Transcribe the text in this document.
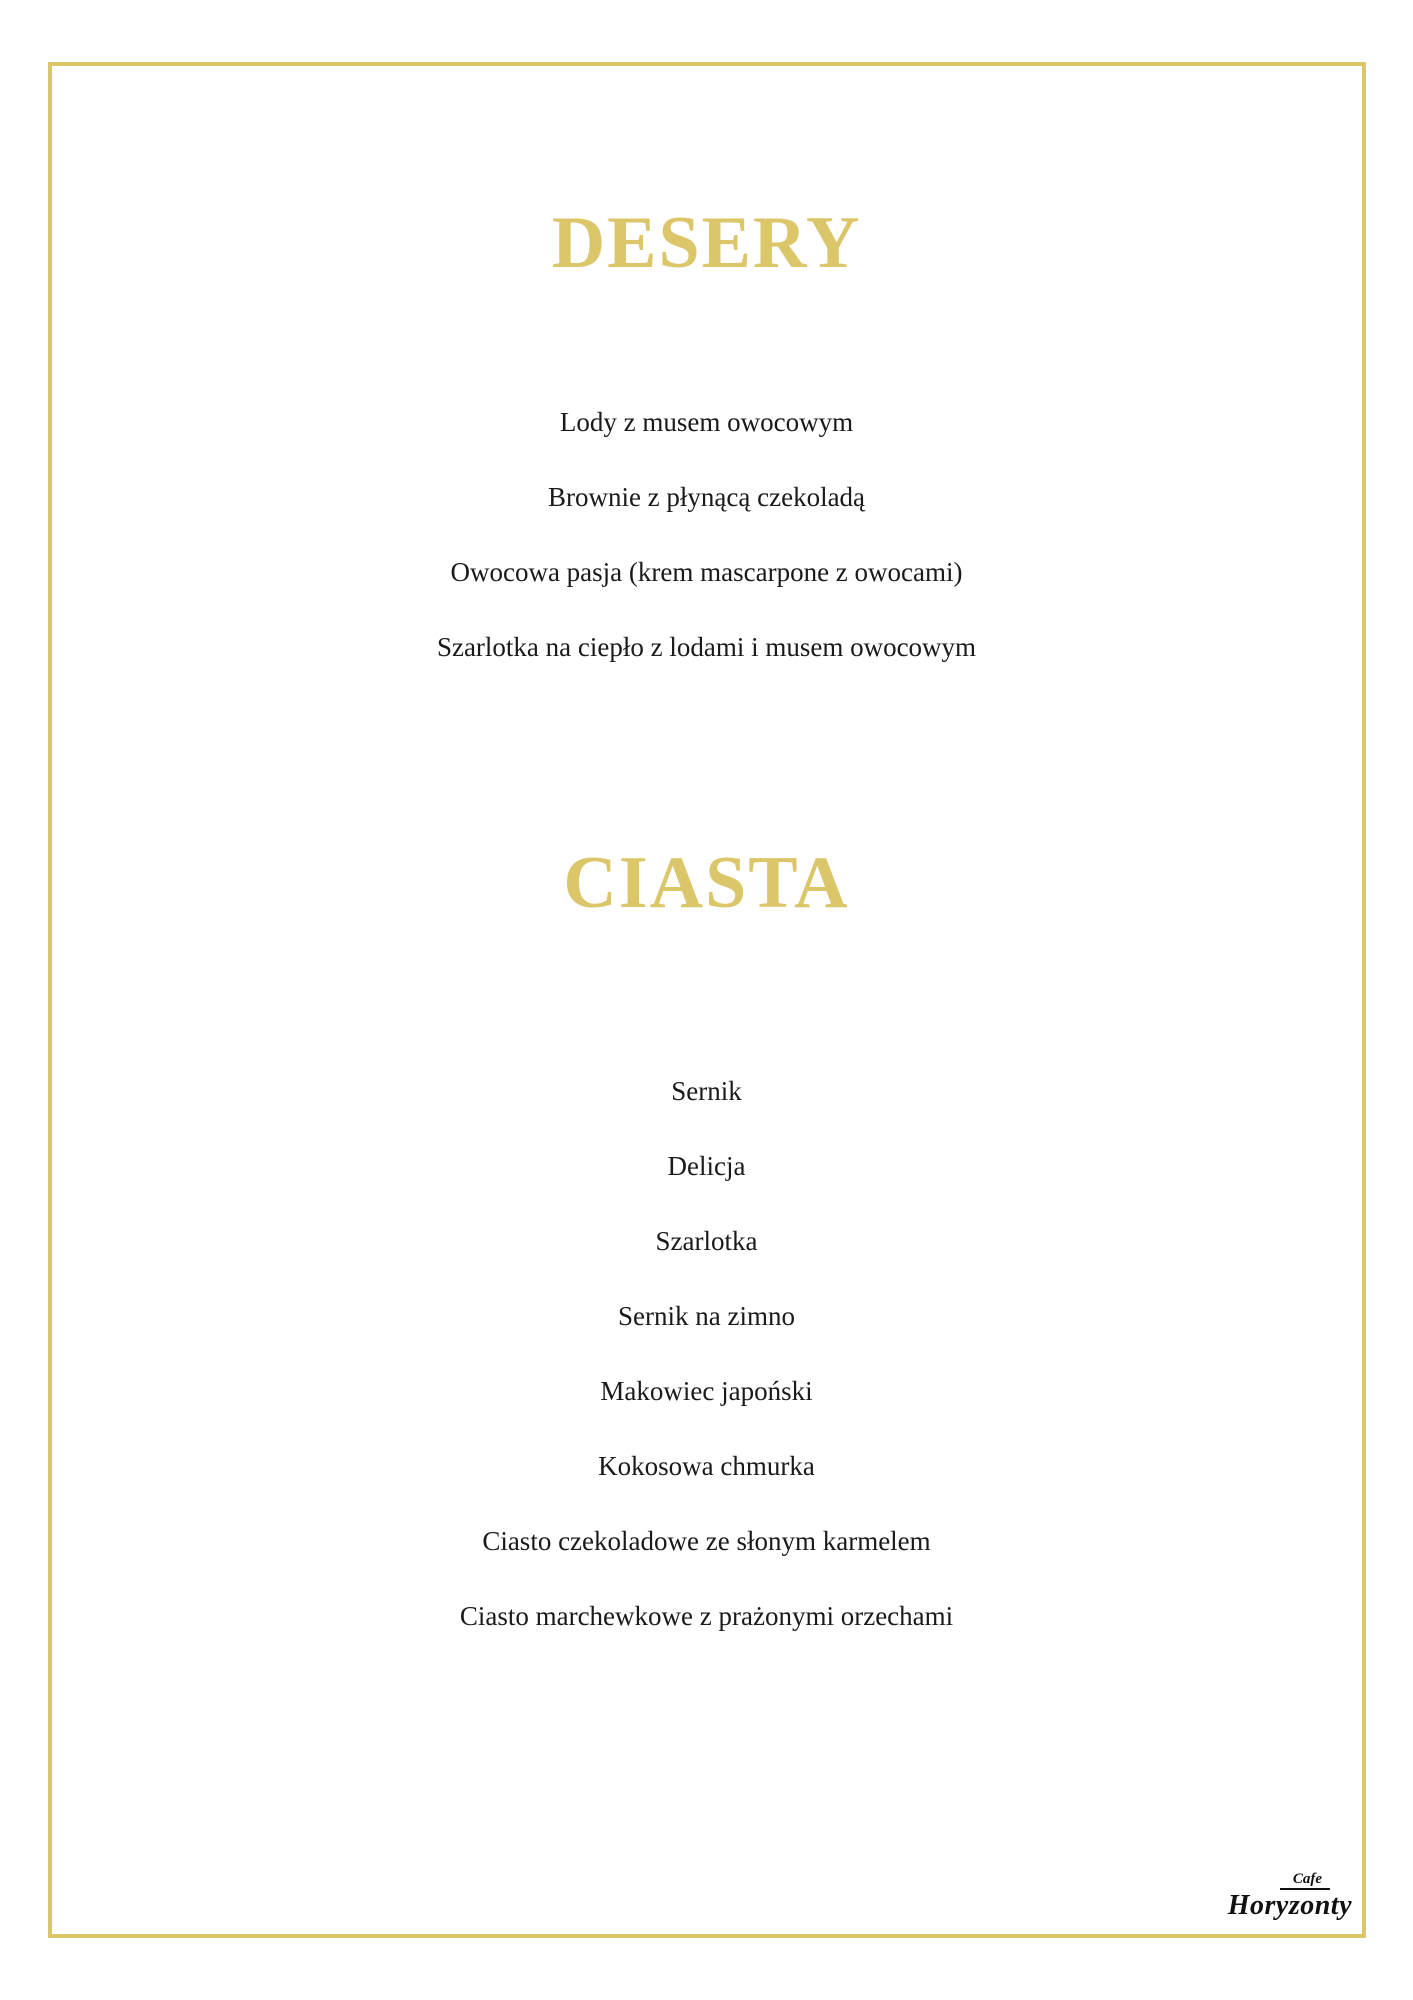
DESERY
Lody z musem owocowym
Brownie z płynącą czekoladą
Owocowa pasja (krem mascarpone z owocami)
Szarlotka na ciepło z lodami i musem owocowym
CIASTA
Sernik
Delicja
Szarlotka
Sernik na zimno
Makowiec japoński
Kokosowa chmurka
Ciasto czekoladowe ze słonym karmelem
Ciasto marchewkowe z prażonymi orzechami
Cafe
Horyzonty
